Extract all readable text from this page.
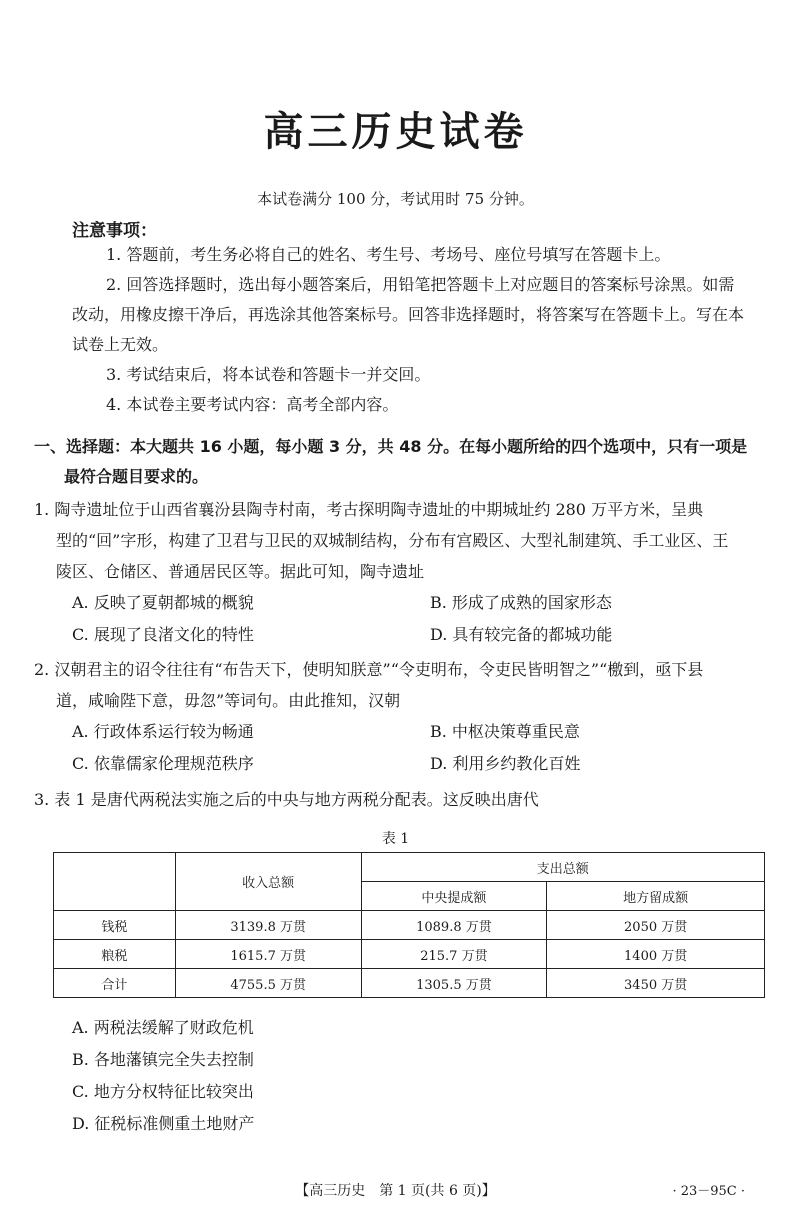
高三历史试卷
本试卷满分 100 分，考试用时 75 分钟。
注意事项：

1. 答题前，考生务必将自己的姓名、考生号、考场号、座位号填写在答题卡上。

2. 回答选择题时，选出每小题答案后，用铅笔把答题卡上对应题目的答案标号涂黑。如需改动，用橡皮擦干净后，再选涂其他答案标号。回答非选择题时，将答案写在答题卡上。写在本试卷上无效。

3. 考试结束后，将本试卷和答题卡一并交回。

4. 本试卷主要考试内容：高考全部内容。

一、选择题：本大题共 16 小题，每小题 3 分，共 48 分。在每小题所给的四个选项中，只有一项是
最符合题目要求的。
1. 陶寺遗址位于山西省襄汾县陶寺村南，考古探明陶寺遗址的中期城址约 280 万平方米，呈典
型的“回”字形，构建了卫君与卫民的双城制结构，分布有宫殿区、大型礼制建筑、手工业区、王
陵区、仓储区、普通居民区等。据此可知，陶寺遗址
A. 反映了夏朝都城的概貌	B. 形成了成熟的国家形态
C. 展现了良渚文化的特性	D. 具有较完备的都城功能
2. 汉朝君主的诏令往往有“布告天下，使明知朕意”“令吏明布，令吏民皆明智之”“檄到，亟下县
道，咸喻陛下意，毋忽”等词句。由此推知，汉朝
A. 行政体系运行较为畅通	B. 中枢决策尊重民意
C. 依靠儒家伦理规范秩序	D. 利用乡约教化百姓
3. 表 1 是唐代两税法实施之后的中央与地方两税分配表。这反映出唐代
表 1
	收入总额	支出总额	
		中央提成额	地方留成额
钱税	3139.8 万贯	1089.8 万贯	2050 万贯
粮税	1615.7 万贯	215.7 万贯	1400 万贯
合计	4755.5 万贯	1305.5 万贯	3450 万贯
A. 两税法缓解了财政危机
B. 各地藩镇完全失去控制
C. 地方分权特征比较突出
D. 征税标准侧重土地财产
【高三历史　第 1 页(共 6 页)】	· 23－95C ·
